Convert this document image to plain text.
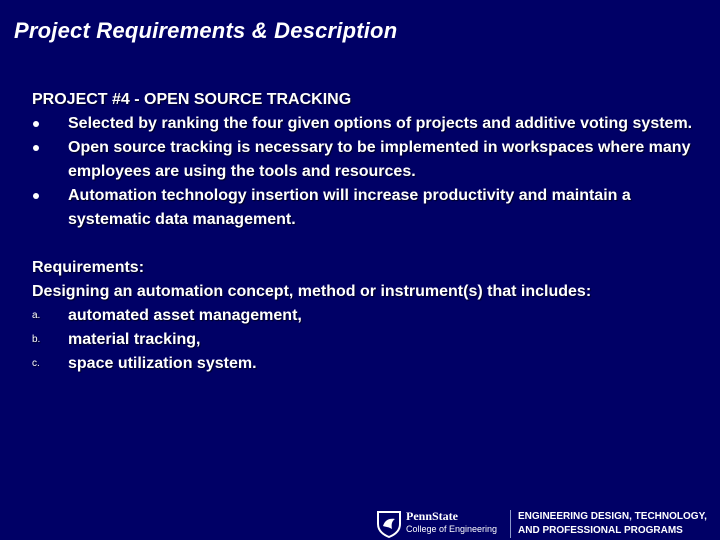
Project Requirements & Description
PROJECT #4 - OPEN SOURCE TRACKING
Selected by ranking the four given options of projects and additive voting system.
Open source tracking is necessary to be implemented in workspaces where many employees are using the tools and resources.
Automation technology insertion will increase productivity and maintain a systematic data management.
Requirements:
Designing an automation concept, method or instrument(s) that includes:
a. automated asset management,
b. material tracking,
c. space utilization system.
PennState
College of Engineering
ENGINEERING DESIGN, TECHNOLOGY,
AND PROFESSIONAL PROGRAMS
